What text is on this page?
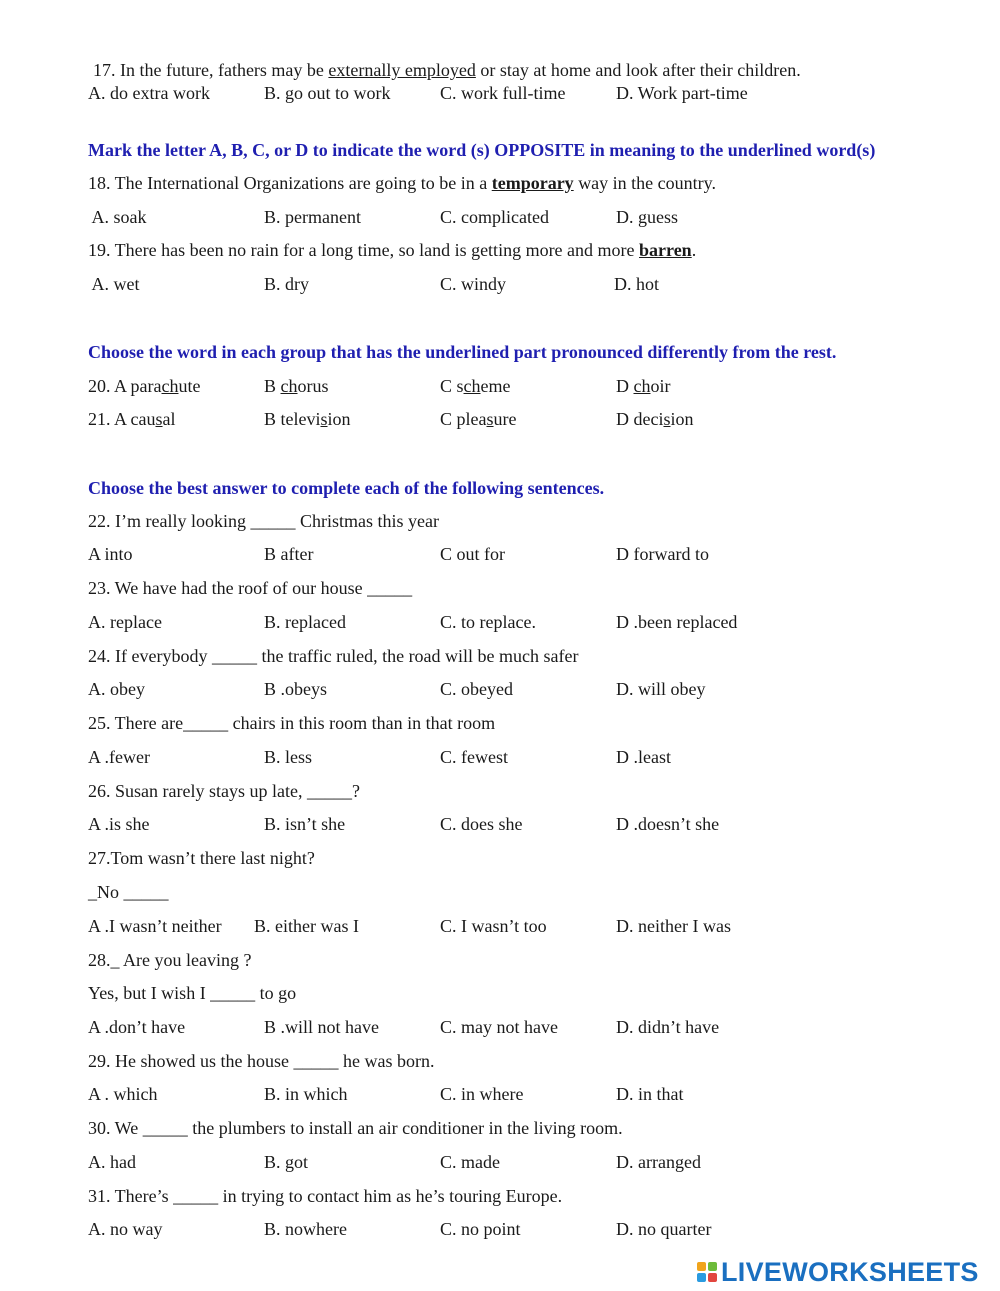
17. In the future, fathers may be externally employed or stay at home and look after their children.
A. do extra work	B. go out to work	C. work full-time	D. Work part-time
Mark the letter A, B, C, or D to indicate the word (s) OPPOSITE in meaning to the underlined word(s)
18. The International Organizations are going to be in a temporary way in the country.
A. soak	B. permanent	C. complicated	D. guess
19. There has been no rain for a long time, so land is getting more and more barren.
A. wet	B. dry	C. windy	D. hot
Choose the word in each group that has the underlined part pronounced differently from the rest.
20. A parachute	B chorus	C scheme	D choir
21. A causal	B television	C pleasure	D decision
Choose the best answer to complete each of the following sentences.
22. I’m really looking _____ Christmas this year
A into	B after	C out for	D forward to
23. We have had the roof of our house _____
A. replace	B. replaced	C. to replace.	D .been replaced
24. If everybody _____ the traffic ruled, the road will be much safer
A. obey	B .obeys	C. obeyed	D. will obey
25. There are_____ chairs in this room than in that room
A .fewer	B. less	C. fewest	D .least
26. Susan rarely stays up late, _____?
A .is she	B. isn’t she	C. does she	D .doesn’t she
27.Tom wasn’t there last night?
_No _____
A .I wasn’t neither B. either was I	C. I wasn’t too	D. neither I was
28._ Are you leaving ?
Yes, but I wish I _____ to go
A .don’t have	B .will not have	C. may not have	D. didn’t have
29. He showed us the house _____ he was born.
A . which	B. in which	C. in where	D. in that
30. We _____ the plumbers to install an air conditioner in the living room.
A. had	B. got	C. made	D. arranged
31. There’s _____ in trying to contact him as he’s touring Europe.
A. no way	B. nowhere	C. no point	D. no quarter
LIVEWORKSHEETS
